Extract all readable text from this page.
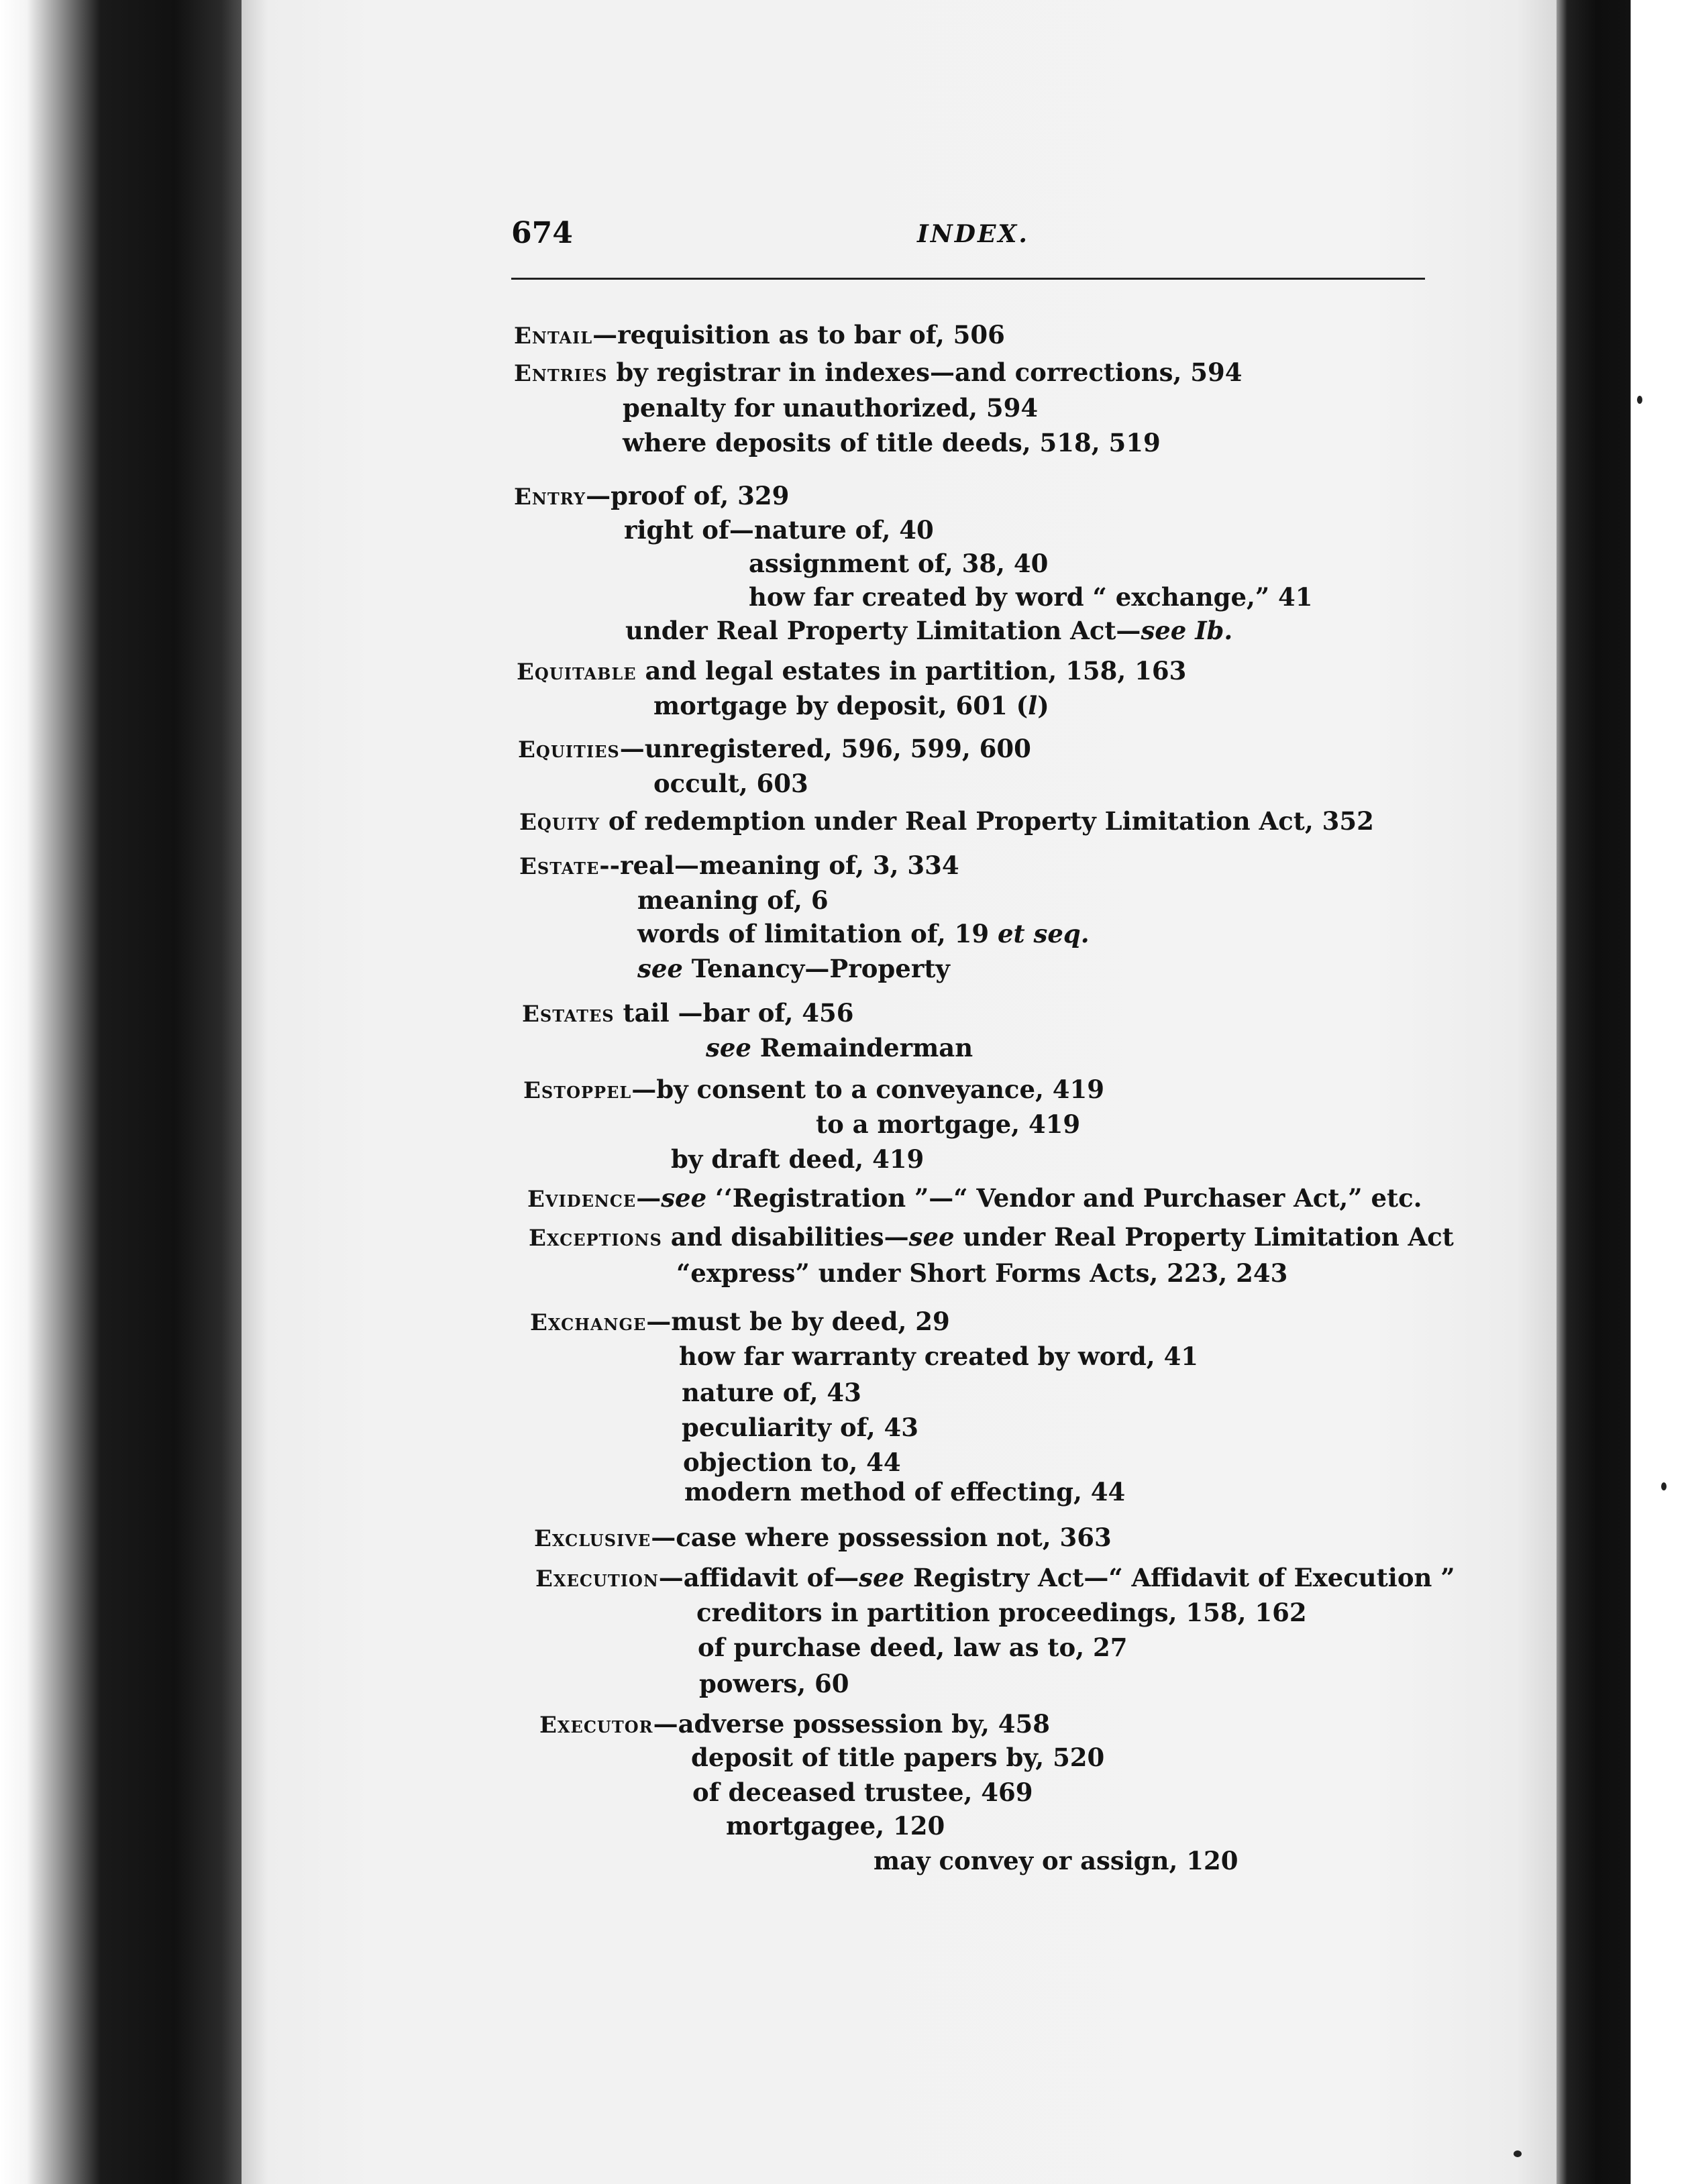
674	INDEX.
Entail—requisition as to bar of, 506
Entries by registrar in indexes—and corrections, 594
penalty for unauthorized, 594
where deposits of title deeds, 518, 519
Entry—proof of, 329
right of—nature of, 40
assignment of, 38, 40
how far created by word “ exchange,” 41
under Real Property Limitation Act—see Ib.
Equitable and legal estates in partition, 158, 163
mortgage by deposit, 601 (l)
Equities—unregistered, 596, 599, 600
occult, 603
Equity of redemption under Real Property Limitation Act, 352
Estate--real—meaning of, 3, 334
meaning of, 6
words of limitation of, 19 et seq.
see Tenancy—Property
Estates tail —bar of, 456
see Remainderman
Estoppel—by consent to a conveyance, 419
to a mortgage, 419
by draft deed, 419
Evidence—see ‘‘Registration ”—“ Vendor and Purchaser Act,” etc.
Exceptions and disabilities—see under Real Property Limitation Act
“express” under Short Forms Acts, 223, 243
Exchange—must be by deed, 29
how far warranty created by word, 41
nature of, 43
peculiarity of, 43
objection to, 44
modern method of effecting, 44
Exclusive—case where possession not, 363
Execution—affidavit of—see Registry Act—“ Affidavit of Execution ”
creditors in partition proceedings, 158, 162
of purchase deed, law as to, 27
powers, 60
Executor—adverse possession by, 458
deposit of title papers by, 520
of deceased trustee, 469
mortgagee, 120
may convey or assign, 120
